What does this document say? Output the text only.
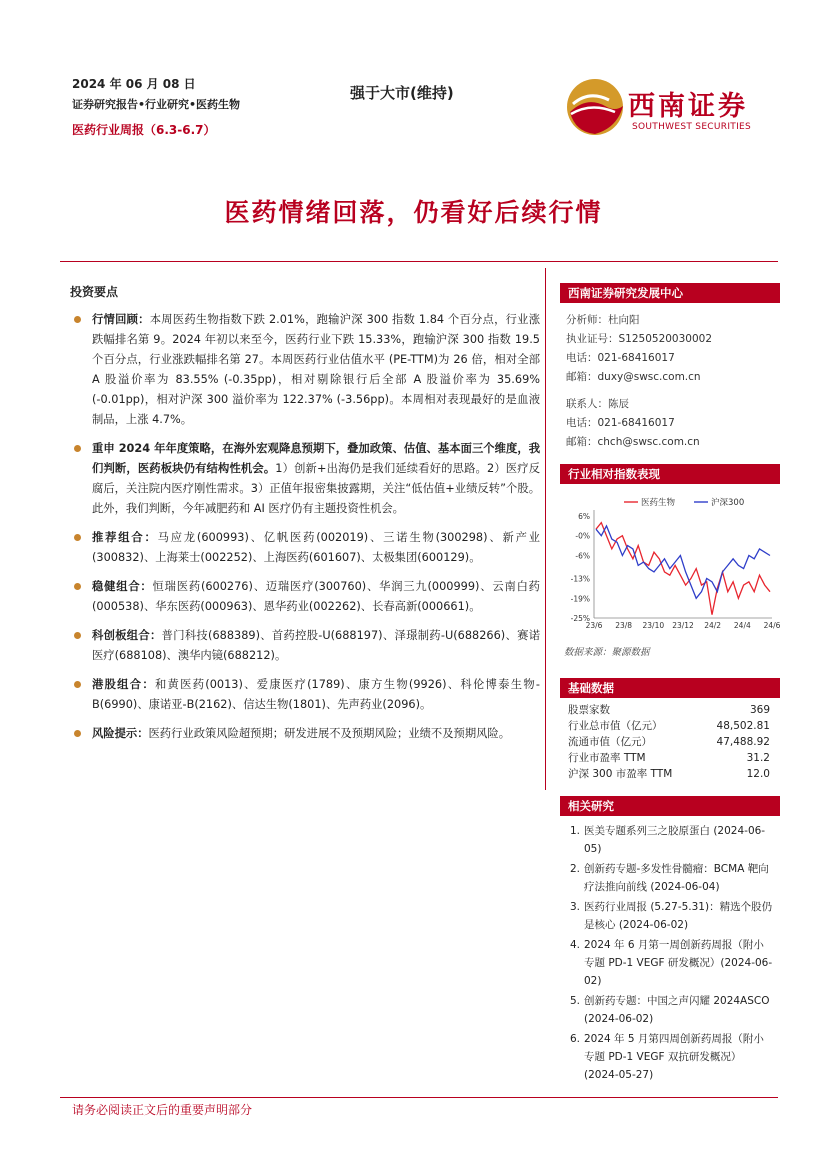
2024 年 06 月 08 日
证券研究报告•行业研究•医药生物
医药行业周报（6.3-6.7）
强于大市(维持)	西南证券
SOUTHWEST SECURITIES
医药情绪回落，仍看好后续行情
投资要点
行情回顾：本周医药生物指数下跌 2.01%，跑输沪深 300 指数 1.84 个百分点，行业涨跌幅排名第 9。2024 年初以来至今，医药行业下跌 15.33%，跑输沪深 300 指数 19.5 个百分点，行业涨跌幅排名第 27。本周医药行业估值水平 (PE-TTM)为 26 倍，相对全部 A 股溢价率为 83.55% (-0.35pp)，相对剔除银行后全部 A 股溢价率为 35.69% (-0.01pp)，相对沪深 300 溢价率为 122.37% (-3.56pp)。本周相对表现最好的是血液制品，上涨 4.7%。
重申 2024 年年度策略，在海外宏观降息预期下，叠加政策、估值、基本面三个维度，我们判断，医药板块仍有结构性机会。1）创新+出海仍是我们延续看好的思路。2）医疗反腐后，关注院内医疗刚性需求。3）正值年报密集披露期，关注“低估值+业绩反转”个股。此外，我们判断，今年减肥药和 AI 医疗仍有主题投资性机会。
推荐组合：马应龙(600993)、亿帆医药(002019)、三诺生物(300298)、新产业(300832)、上海莱士(002252)、上海医药(601607)、太极集团(600129)。
稳健组合：恒瑞医药(600276)、迈瑞医疗(300760)、华润三九(000999)、云南白药(000538)、华东医药(000963)、恩华药业(002262)、长春高新(000661)。
科创板组合：普门科技(688389)、首药控股-U(688197)、泽璟制药-U(688266)、赛诺医疗(688108)、澳华内镜(688212)。
港股组合：和黄医药(0013)、爱康医疗(1789)、康方生物(9926)、科伦博泰生物-B(6990)、康诺亚-B(2162)、信达生物(1801)、先声药业(2096)。
风险提示：医药行业政策风险超预期；研发进展不及预期风险；业绩不及预期风险。
西南证券研究发展中心
分析师：杜向阳
执业证号：S1250520030002
电话：021-68416017
邮箱：duxy@swsc.com.cn
联系人：陈辰
电话：021-68416017
邮箱：chch@swsc.com.cn
行业相对指数表现
6%
-0%
-6%
-13%
-19%
-25%
23/6 23/8 23/10 23/12 24/2 24/4 24/6
医药生物	沪深300
数据来源：聚源数据
基础数据
股票家数	369
行业总市值（亿元）	48,502.81
流通市值（亿元）	47,488.92
行业市盈率 TTM	31.2
沪深 300 市盈率 TTM	12.0
相关研究
1. 医美专题系列三之胶原蛋白 (2024-06-05)
2. 创新药专题-多发性骨髓瘤：BCMA 靶向疗法推向前线 (2024-06-04)
3. 医药行业周报 (5.27-5.31)：精选个股仍是核心 (2024-06-02)
4. 2024 年 6 月第一周创新药周报（附小专题 PD-1 VEGF 研发概况）(2024-06-02)
5. 创新药专题：中国之声闪耀 2024ASCO (2024-06-02)
6. 2024 年 5 月第四周创新药周报（附小专题 PD-1 VEGF 双抗研发概况）(2024-05-27)
请务必阅读正文后的重要声明部分
